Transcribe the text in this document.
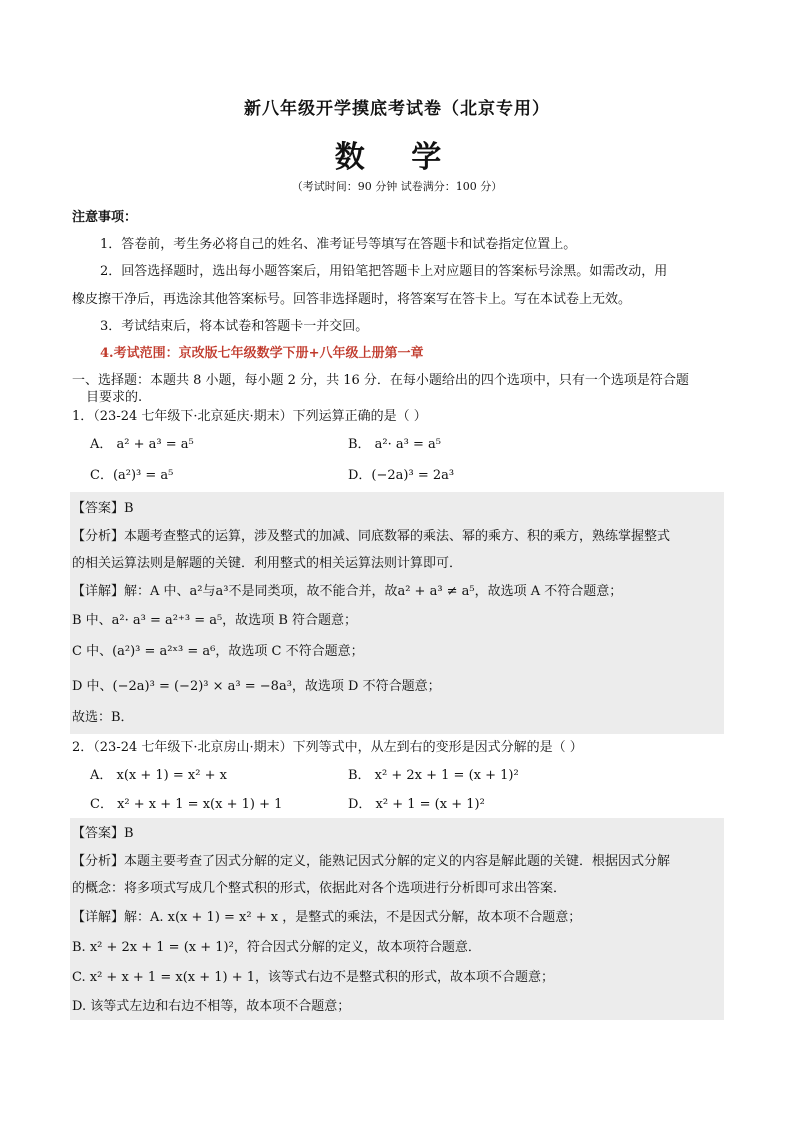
新八年级开学摸底考试卷（北京专用）
数 学
（考试时间：90 分钟 试卷满分：100 分）
注意事项：
1．答卷前，考生务必将自己的姓名、准考证号等填写在答题卡和试卷指定位置上。
2．回答选择题时，选出每小题答案后，用铅笔把答题卡上对应题目的答案标号涂黑。如需改动，用
橡皮擦干净后，再选涂其他答案标号。回答非选择题时，将答案写在答卡上。写在本试卷上无效。
3．考试结束后，将本试卷和答题卡一并交回。
4.考试范围：京改版七年级数学下册+八年级上册第一章
一、选择题：本题共 8 小题，每小题 2 分，共 16 分．在每小题给出的四个选项中，只有一个选项是符合题
目要求的.
1．（23-24 七年级下·北京延庆·期末）下列运算正确的是（ ）
A． a² + a³ = a⁵	B． a²· a³ = a⁵
C．(a²)³ = a⁵	D．(−2a)³ = 2a³
【答案】B
【分析】本题考查整式的运算，涉及整式的加减、同底数幂的乘法、幂的乘方、积的乘方，熟练掌握整式
的相关运算法则是解题的关键．利用整式的相关运算法则计算即可．
【详解】解：A 中、a²与a³不是同类项，故不能合并，故a² + a³ ≠ a⁵，故选项 A 不符合题意；
B 中、a²· a³ = a²⁺³ = a⁵，故选项 B 符合题意；
C 中、(a²)³ = a²ˣ³ = a⁶，故选项 C 不符合题意；
D 中、(−2a)³ = (−2)³ × a³ = −8a³，故选项 D 不符合题意；
故选：B．
2．（23-24 七年级下·北京房山·期末）下列等式中，从左到右的变形是因式分解的是（ ）
A． x(x + 1) = x² + x	B． x² + 2x + 1 = (x + 1)²
C． x² + x + 1 = x(x + 1) + 1	D． x² + 1 = (x + 1)²
【答案】B
【分析】本题主要考查了因式分解的定义，能熟记因式分解的定义的内容是解此题的关键．根据因式分解
的概念：将多项式写成几个整式积的形式，依据此对各个选项进行分析即可求出答案．
【详解】解：A. x(x + 1) = x² + x ，是整式的乘法，不是因式分解，故本项不合题意；
B. x² + 2x + 1 = (x + 1)²，符合因式分解的定义，故本项符合题意．
C. x² + x + 1 = x(x + 1) + 1，该等式右边不是整式积的形式，故本项不合题意；
D. 该等式左边和右边不相等，故本项不合题意；
